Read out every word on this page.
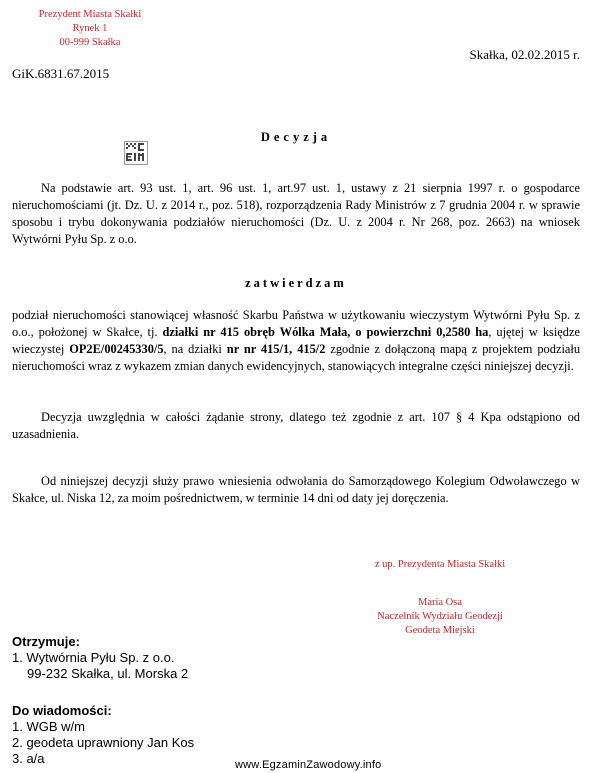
Prezydent Miasta Skałki
Rynek 1
00-999 Skałka
Skałka, 02.02.2015 r.
GiK.6831.67.2015
Decyzja
Na podstawie art. 93 ust. 1, art. 96 ust. 1, art.97 ust. 1, ustawy z 21 sierpnia 1997 r. o gospodarce nieruchomościami (jt. Dz. U. z 2014 r., poz. 518), rozporządzenia Rady Ministrów z 7 grudnia 2004 r. w sprawie sposobu i trybu dokonywania podziałów nieruchomości (Dz. U. z 2004 r. Nr 268, poz. 2663) na wniosek Wytwórni Pyłu Sp. z o.o.
zatwierdzam
podział nieruchomości stanowiącej własność Skarbu Państwa w użytkowaniu wieczystym Wytwórni Pyłu Sp. z o.o., położonej w Skałce, tj. działki nr 415 obręb Wólka Mała, o powierzchni 0,2580 ha, ujętej w księdze wieczystej OP2E/00245330/5, na działki nr nr 415/1, 415/2 zgodnie z dołączoną mapą z projektem podziału nieruchomości wraz z wykazem zmian danych ewidencyjnych, stanowiących integralne części niniejszej decyzji.
Decyzja uwzględnia w całości żądanie strony, dlatego też zgodnie z art. 107 § 4 Kpa odstąpiono od uzasadnienia.
Od niniejszej decyzji służy prawo wniesienia odwołania do Samorządowego Kolegium Odwoławczego w Skałce, ul. Niska 12, za moim pośrednictwem, w terminie 14 dni od daty jej doręczenia.
z up. Prezydenta Miasta Skałki
Maria Osa
Naczelnik Wydziału Geodezji
Geodeta Miejski
Otrzymuje:
1. Wytwórnia Pyłu Sp. z o.o.
99-232 Skałka, ul. Morska 2
Do wiadomości:
1. WGB w/m
2. geodeta uprawniony Jan Kos
3. a/a	www.EgzaminZawodowy.info
